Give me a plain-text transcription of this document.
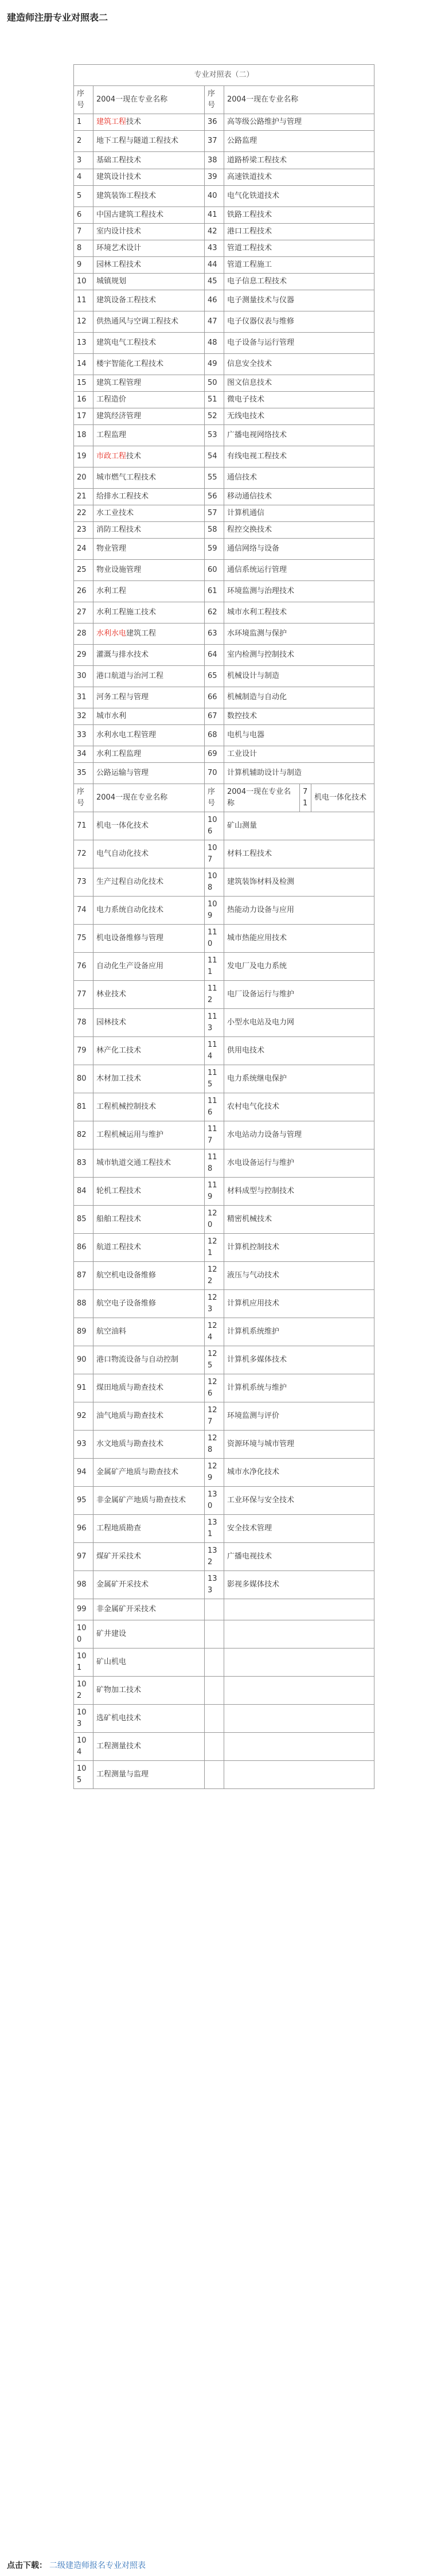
建造师注册专业对照表二
专业对照表（二）					
序号	2004一现在专业名称	序号	2004一现在专业名称		
1	建筑工程技术	36	高等级公路维护与管理		
2	地下工程与隧道工程技术	37	公路监理		
3	基础工程技术	38	道路桥梁工程技术		
4	建筑设计技术	39	高速铁道技术		
5	建筑装饰工程技术	40	电气化铁道技术		
6	中国古建筑工程技术	41	铁路工程技术		
7	室内设计技术	42	港口工程技术		
8	环境艺术设计	43	管道工程技术		
9	园林工程技术	44	管道工程施工		
10	城镇规划	45	电子信息工程技术		
11	建筑设备工程技术	46	电子测量技术与仪器		
12	供热通风与空调工程技术	47	电子仪器仪表与维修		
13	建筑电气工程技术	48	电子设备与运行管理		
14	楼宇智能化工程技术	49	信息安全技术		
15	建筑工程管理	50	图文信息技术		
16	工程造价	51	微电子技术		
17	建筑经济管理	52	无线电技术		
18	工程监理	53	广播电视网络技术		
19	市政工程技术	54	有线电视工程技术		
20	城市燃气工程技术	55	通信技术		
21	给排水工程技术	56	移动通信技术		
22	水工业技术	57	计算机通信		
23	消防工程技术	58	程控交换技术		
24	物业管理	59	通信网络与设备		
25	物业设施管理	60	通信系统运行管理		
26	水利工程	61	环境监测与治理技术		
27	水利工程施工技术	62	城市水利工程技术		
28	水利水电建筑工程	63	水环境监测与保护		
29	灌溉与排水技术	64	室内检测与控制技术		
30	港口航道与治河工程	65	机械设计与制造		
31	河务工程与管理	66	机械制造与自动化		
32	城市水利	67	数控技术		
33	水利水电工程管理	68	电机与电器		
34	水利工程监理	69	工业设计		
35	公路运输与管理	70	计算机辅助设计与制造		
序号	2004一现在专业名称	序号	2004一现在专业名称	71	机电一体化技术
71	机电一体化技术	106	矿山测量		
72	电气自动化技术	107	材料工程技术		
73	生产过程自动化技术	108	建筑装饰材料及检测		
74	电力系统自动化技术	109	热能动力设备与应用		
75	机电设备维修与管理	110	城市热能应用技术		
76	自动化生产设备应用	111	发电厂及电力系统		
77	林业技术	112	电厂设备运行与维护		
78	园林技术	113	小型水电站及电力网		
79	林产化工技术	114	供用电技术		
80	木材加工技术	115	电力系统继电保护		
81	工程机械控制技术	116	农村电气化技术		
82	工程机械运用与维护	117	水电站动力设备与管理		
83	城市轨道交通工程技术	118	水电设备运行与维护		
84	轮机工程技术	119	材料成型与控制技术		
85	船舶工程技术	120	精密机械技术		
86	航道工程技术	121	计算机控制技术		
87	航空机电设备维修	122	液压与气动技术		
88	航空电子设备维修	123	计算机应用技术		
89	航空油料	124	计算机系统维护		
90	港口物流设备与自动控制	125	计算机多媒体技术		
91	煤田地质与勘查技术	126	计算机系统与维护		
92	油气地质与勘查技术	127	环境监测与评价		
93	水文地质与勘查技术	128	资源环境与城市管理		
94	金属矿产地质与勘查技术	129	城市水净化技术		
95	非金属矿产地质与勘查技术	130	工业环保与安全技术		
96	工程地质勘查	131	安全技术管理		
97	煤矿开采技术	132	广播电视技术		
98	金属矿开采技术	133	影视多媒体技术		
99	非金属矿开采技术				
100	矿井建设				
101	矿山机电				
102	矿物加工技术				
103	选矿机电技术				
104	工程测量技术				
105	工程测量与监理				
点击下载： 二级建造师报名专业对照表
